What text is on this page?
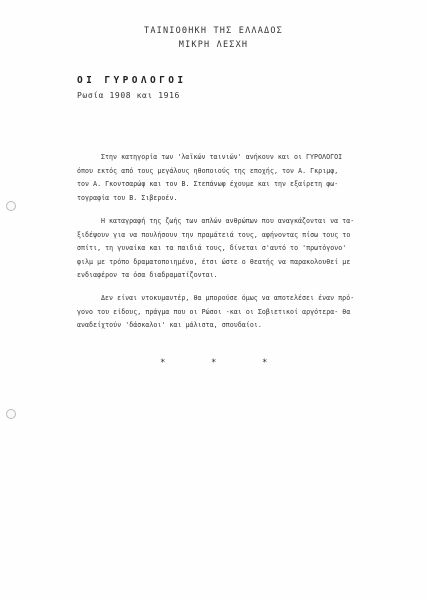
ΤΑΙΝΙΟΘΗΚΗ ΤΗΣ ΕΛΛΑΔΟΣ
ΜΙΚΡΗ ΛΕΣΧΗ
ΟΙ ΓΥΡΟΛΟΓΟΙ
Ρωσία 1908 και 1916
Στην κατηγορία των 'λαϊκών ταινιών' ανήκουν και οι ΓΥΡΟΛΟΓΟΙ
όπου εκτός από τους μεγάλους ηθοποιούς της εποχής, τον Α. Γκριμφ,
τον Α. Γκοντσαρώφ και τον Β. Στεπάνωφ έχουμε και την εξαίρετη φω-
τογραφία του Β. Σιβεροέν.
Η καταγραφή της ζωής των απλών ανθρώπων που αναγκάζονται να τα-
ξιδέψουν για να πουλήσουν την πραμάτειά τους, αφήνοντας πίσω τους το
σπίτι, τη γυναίκα και τα παιδιά τους, δίνεται σ'αυτό το 'πρωτόγονο'
φιλμ με τρόπο δραματοποιημένο, έτσι ώστε ο θεατής να παρακολουθεί με
ενδιαφέρον τα όσα διαδραματίζονται.
Δεν είναι ντοκυμαντέρ, θα μπορούσε όμως να αποτελέσει έναν πρό-
γονο του είδους, πράγμα που οι Ρώσοι -και οι Σοβιετικοί αργότερα- θα
αναδείχτούν 'δάσκαλοι' και μάλιστα, σπουδαίοι.
*	*	*
